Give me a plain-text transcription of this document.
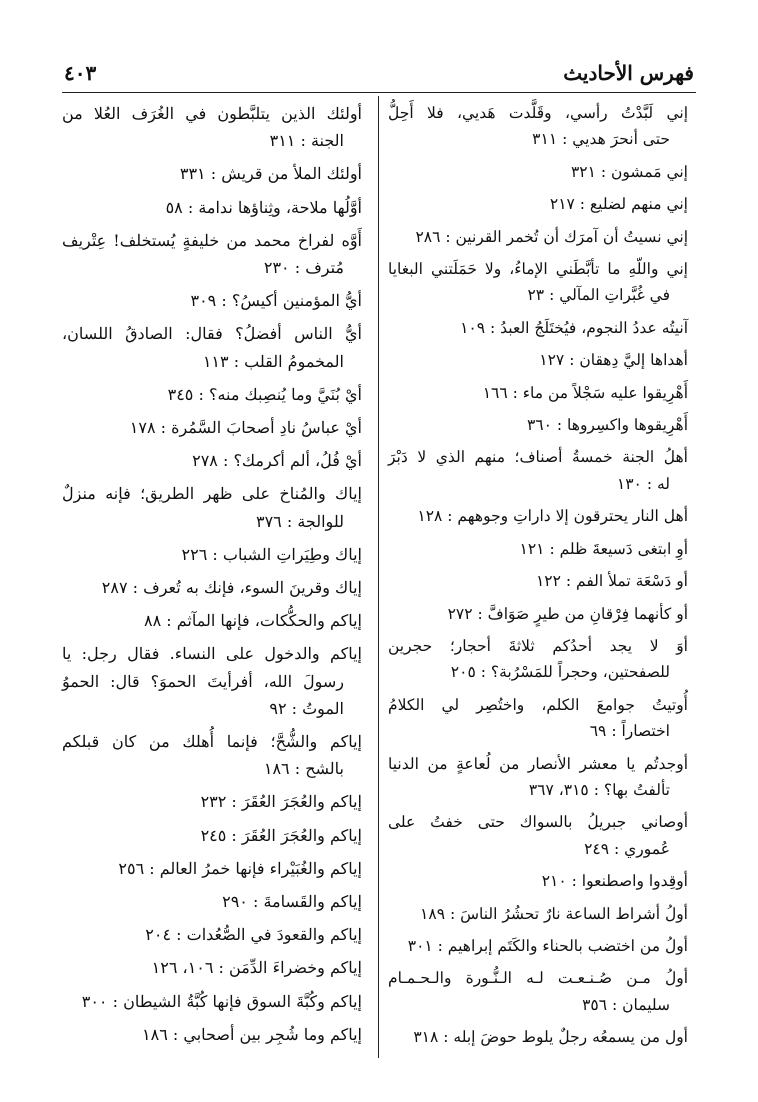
٤٠٣	فهرس الأحاديث
إني لَبَّدْتُ رأسي، وقَلَّدت هَديي، فلا أَحِلُّ
حتى أنحرَ هديي : ٣١١
إني مَمشون : ٣٢١
إني منهم لضليع : ٢١٧
إني نسيتُ أن آمرَك أن تُخمر القرنين : ٢٨٦
إني واللّهِ ما تأبَّطَني الإماءُ، ولا حَمَلَتني البغايا
في غُبَّراتِ المآلي : ٢٣
آنيتُه عددُ النجوم، فيُختَلَجُ العبدُ : ١٠٩
أهداها إليَّ دِهقان : ١٢٧
أَهْرِيقوا عليه سَجْلاً من ماء : ١٦٦
أَهْرِيقوها واكسِروها : ٣٦٠
أهلُ الجنة خمسةُ أصناف؛ منهم الذي لا دَبْرَ
له : ١٣٠
أهل النار يحترقون إلا داراتِ وجوههم : ١٢٨
أوِ ابتغى دَسيعةَ ظلم : ١٢١
أو دَسْعَة تملأ الفم : ١٢٢
أو كأنهما فِرْقانِ من طيرٍ صَوَافَّ : ٢٧٢
أوَ لا يجد أحدُكم ثلاثةَ أحجار؛ حجرين
للصفحتين، وحجراً للمَسْرُبة؟ : ٢٠٥
أُوتيتُ جوامعَ الكلم، واختُصِر لي الكلامُ
اختصاراً : ٦٩
أوجدتُم يا معشر الأنصار من لُعاعةٍ من الدنيا
تألفتُ بها؟ : ٣١٥، ٣٦٧
أوصاني جبريلُ بالسواك حتى خفتُ على
عُموري : ٢٤٩
أوقِدوا واصطنعوا : ٢١٠
أولُ أشراط الساعة نارٌ تحشُرُ الناسَ : ١٨٩
أولُ من اختضب بالحناء والكَتَم إبراهيم : ٣٠١
أولُ مـن صُـنـعـت لـه الـنُّـورة والـحـمـام
سليمان : ٣٥٦
أول من يسمعُه رجلٌ يلوط حوضَ إبله : ٣١٨
أولئك الذين يتلبَّطون في الغُرَف العُلا من
الجنة : ٣١١
أولئك الملأ من قريش : ٣٣١
أوَّلُها ملاحة، وثِناؤها ندامة : ٥٨
أَوَّه لفراخ محمد من خليفةٍ يُستخلف! عِتْريف
مُترف : ٢٣٠
أيُّ المؤمنين أكيسُ؟ : ٣٠٩
أيُّ الناس أفضلُ؟ فقال: الصادقُ اللسان،
المخمومُ القلب : ١١٣
أيْ بُنَيَّ وما يُنصِبك منه؟ : ٣٤٥
أيْ عباسُ نادِ أصحابَ السَّمُرة : ١٧٨
أيْ فُلُ، ألم أكرمك؟ : ٢٧٨
إياك والمُناخ على ظهر الطريق؛ فإنه منزلٌ
للوالجة : ٣٧٦
إياك وطِيَراتِ الشباب : ٢٢٦
إياك وقرينَ السوء، فإنك به تُعرف : ٢٨٧
إياكم والحكُّكات، فإنها المآثم : ٨٨
إياكم والدخول على النساء. فقال رجل: يا
رسولَ الله، أفرأيتَ الحموَ؟ قال: الحموُ
الموتُ : ٩٢
إياكم والشُّحَّ؛ فإنما أُهلك من كان قبلكم
بالشح : ١٨٦
إياكم والعُجَرَ العُقَرَ : ٢٣٢
إياكم والعُجَرَ العُقَرَ : ٢٤٥
إياكم والغُبَيْراء فإنها خمرُ العالم : ٢٥٦
إياكم والقَسامةَ : ٢٩٠
إياكم والقعودَ في الصُّعُدات : ٢٠٤
إياكم وخضراءَ الدِّمَن : ١٠٦، ١٢٦
إياكم وكُبَّةَ السوق فإنها كُبَّةُ الشيطان : ٣٠٠
إياكم وما شُجِر بين أصحابي : ١٨٦
